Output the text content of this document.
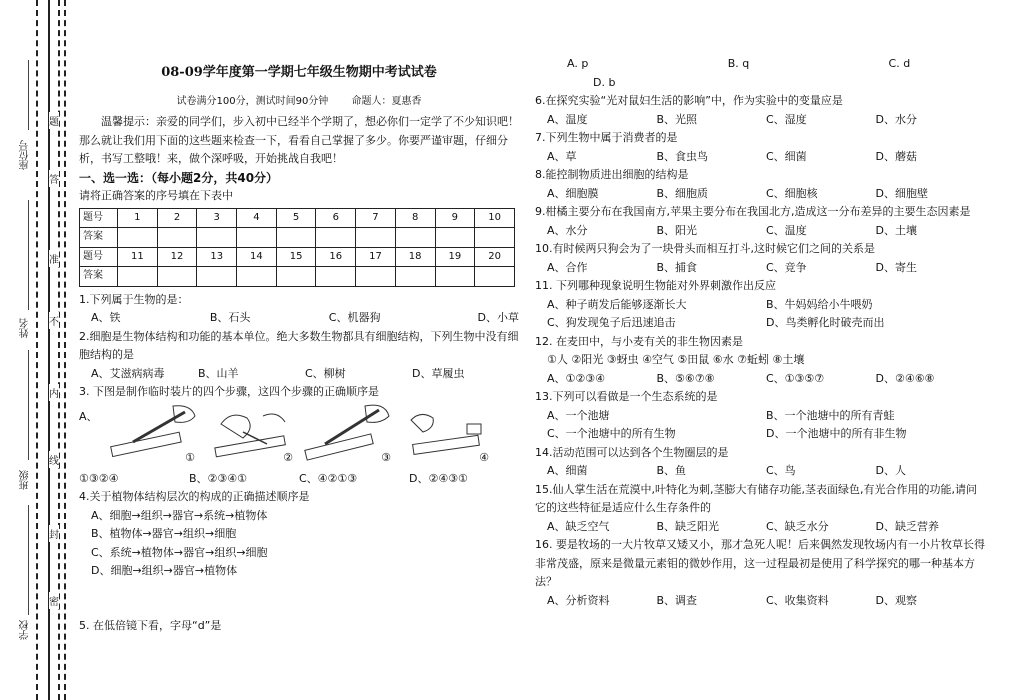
题
答
准
不
内
线
封
密
座位号
姓名
班级
学校
08-09学年度第一学期七年级生物期中考试试卷
试卷满分100分，测试时间90分钟 命题人：夏惠香

温馨提示：亲爱的同学们，步入初中已经半个学期了，想必你们一定学了不少知识吧！那么就让我们用下面的这些题来检查一下，看看自己掌握了多少。你要严谨审题，仔细分析，书写工整哦！来，做个深呼吸，开始挑战自我吧！

一、选一选：（每小题2分，共40分）
请将正确答案的序号填在下表中
题号	1	2	3	4	5	6	7	8	9	10
答案										
题号	11	12	13	14	15	16	17	18	19	20
答案										
1.下列属于生物的是：
A、铁	B、石头	C、机器狗	D、小草
2.细胞是生物体结构和功能的基本单位。绝大多数生物都具有细胞结构，下列生物中没有细胞结构的是
A、艾滋病病毒	B、山羊	C、柳树	D、草履虫
3. 下图是制作临时装片的四个步骤，这四个步骤的正确顺序是
A、
①	②	③	④
①③②④	B、②③④①	C、④②①③	D、②④③①
4.关于植物体结构层次的构成的正确描述顺序是
A、细胞→组织→器官→系统→植物体
B、植物体→器官→组织→细胞
C、系统→植物体→器官→组织→细胞
D、细胞→组织→器官→植物体
5. 在低倍镜下看，字母“d”是
A. p	B. q	C. d
D. b
6.在探究实验“光对鼠妇生活的影响”中，作为实验中的变量应是
A、温度	B、光照	C、湿度	D、水分
7.下列生物中属于消费者的是
A、草	B、食虫鸟	C、细菌	D、蘑菇
8.能控制物质进出细胞的结构是
A、细胞膜	B、细胞质	C、细胞核	D、细胞壁
9.柑橘主要分布在我国南方,苹果主要分布在我国北方,造成这一分布差异的主要生态因素是
A、水分	B、阳光	C、温度	D、土壤
10.有时候两只狗会为了一块骨头而相互打斗,这时候它们之间的关系是
A、合作	B、捕食	C、竞争	D、寄生
11. 下列哪种现象说明生物能对外界刺激作出反应
A、种子萌发后能够逐渐长大	B、牛妈妈给小牛喂奶
C、狗发现兔子后迅速追击	D、鸟类孵化时破壳而出
12. 在麦田中，与小麦有关的非生物因素是
①人 ②阳光 ③蚜虫 ④空气 ⑤田鼠 ⑥水 ⑦蚯蚓 ⑧土壤
A、①②③④	B、⑤⑥⑦⑧	C、①③⑤⑦	D、②④⑥⑧
13.下列可以看做是一个生态系统的是
A、一个池塘	B、一个池塘中的所有青蛙
C、一个池塘中的所有生物	D、一个池塘中的所有非生物
14.活动范围可以达到各个生物圈层的是
A、细菌	B、鱼	C、鸟	D、人
15.仙人掌生活在荒漠中,叶特化为刺,茎膨大有储存功能,茎表面绿色,有光合作用的功能,请问它的这些特征是适应什么生存条件的
A、缺乏空气	B、缺乏阳光	C、缺乏水分	D、缺乏营养
16. 要是牧场的一大片牧草又矮又小，那才急死人呢！后来偶然发现牧场内有一小片牧草长得非常茂盛，原来是微量元素钼的微妙作用，这一过程最初是使用了科学探究的哪一种基本方法？
A、分析资料	B、调查	C、收集资料	D、观察
